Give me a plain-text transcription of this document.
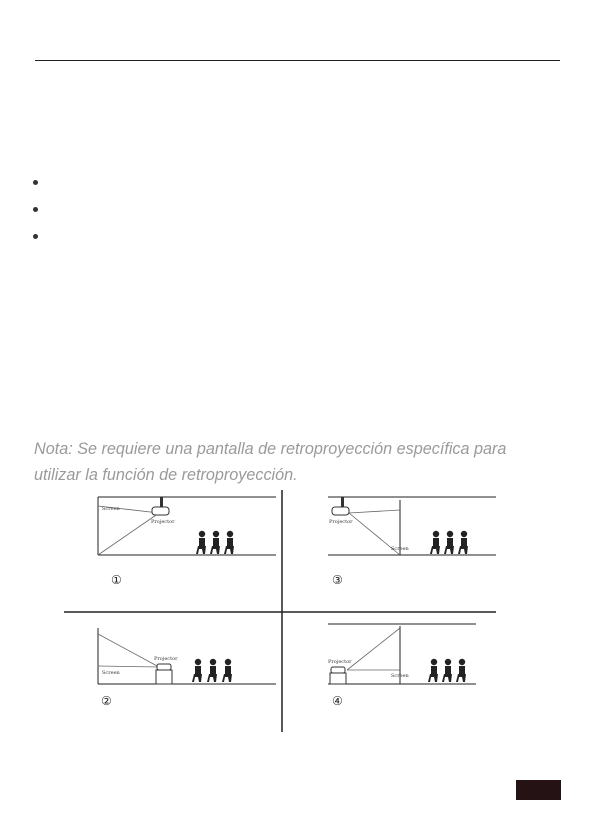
Nota: Se requiere una pantalla de retroproyección específica para
utilizar la función de retroproyección.
Screen
Projector
①
Projector
Screen
③
Screen
Projector
②
Projector
Screen
④
